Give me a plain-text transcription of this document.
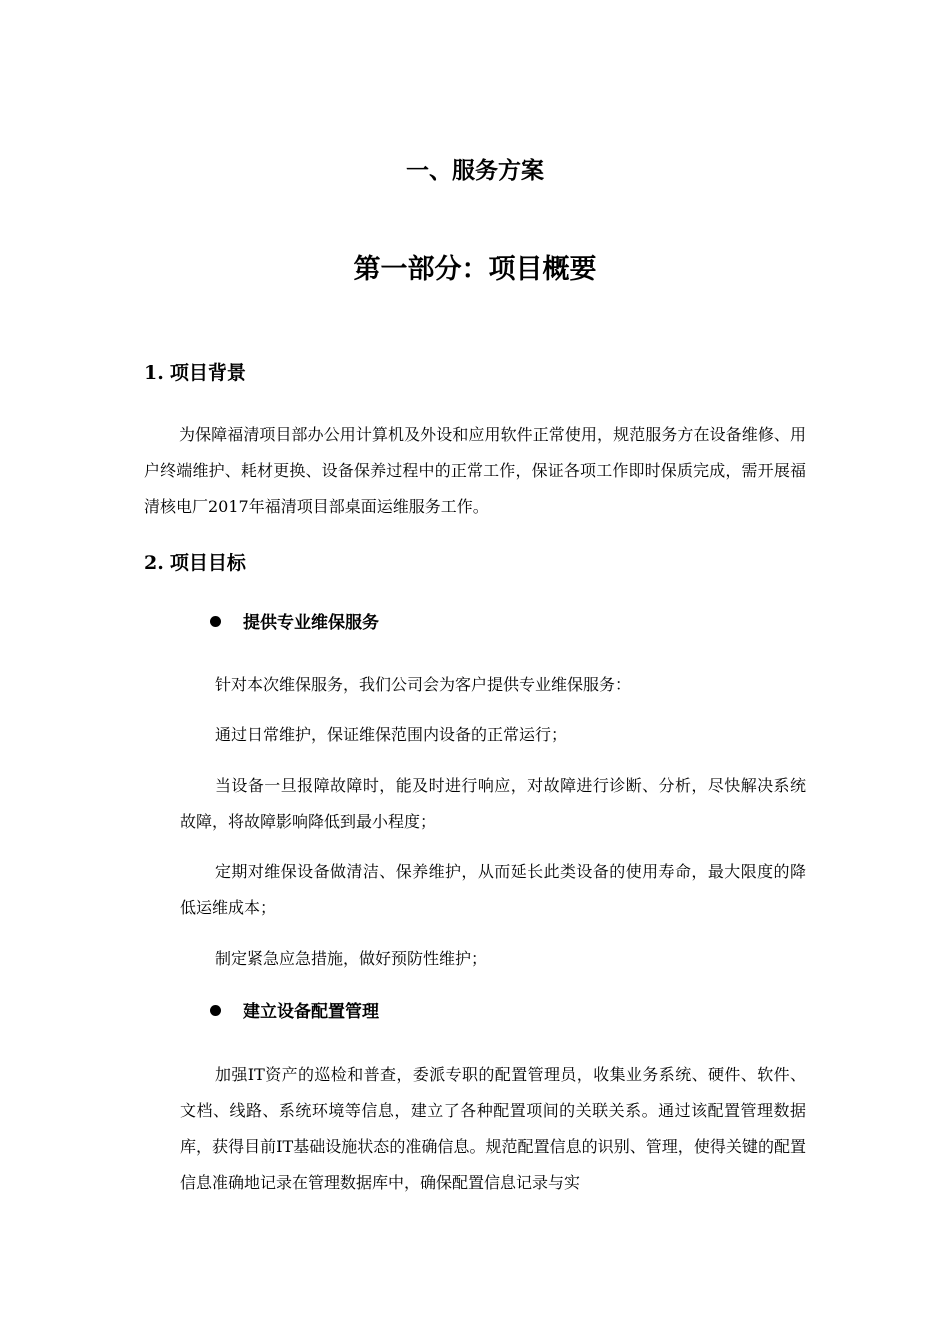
一、服务方案
第一部分：项目概要
1. 项目背景

为保障福清项目部办公用计算机及外设和应用软件正常使用，规范服务方在设备维修、用户终端维护、耗材更换、设备保养过程中的正常工作，保证各项工作即时保质完成，需开展福清核电厂2017年福清项目部桌面运维服务工作。

2. 项目目标
提供专业维保服务

针对本次维保服务，我们公司会为客户提供专业维保服务：

通过日常维护，保证维保范围内设备的正常运行；

当设备一旦报障故障时，能及时进行响应，对故障进行诊断、分析，尽快解决系统故障，将故障影响降低到最小程度；

定期对维保设备做清洁、保养维护，从而延长此类设备的使用寿命，最大限度的降低运维成本；

制定紧急应急措施，做好预防性维护；

建立设备配置管理

加强IT资产的巡检和普查，委派专职的配置管理员，收集业务系统、硬件、软件、文档、线路、系统环境等信息，建立了各种配置项间的关联关系。通过该配置管理数据库，获得目前IT基础设施状态的准确信息。规范配置信息的识别、管理，使得关键的配置信息准确地记录在管理数据库中，确保配置信息记录与实
